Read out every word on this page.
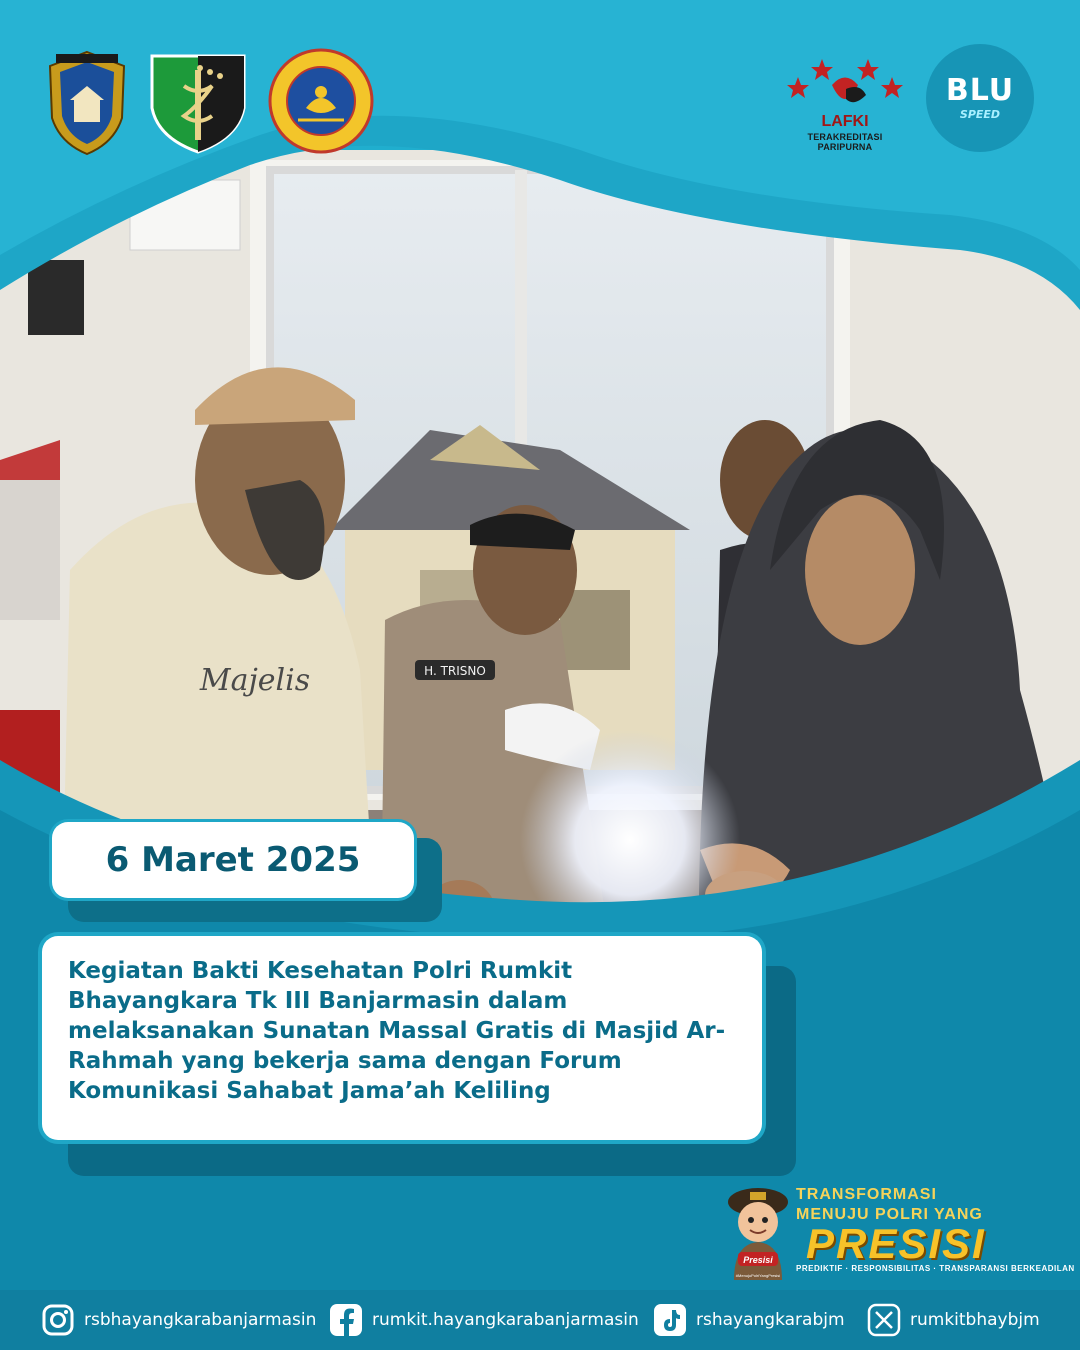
H. TRISNO
Majelis
LAFKI
TERAKREDITASI PARIPURNA
BLU
SPEED
6 Maret 2025

Kegiatan Bakti Kesehatan Polri Rumkit Bhayangkara Tk III Banjarmasin dalam melaksanakan Sunatan Massal Gratis di Masjid Ar-Rahmah yang bekerja sama dengan Forum Komunikasi Sahabat Jama’ah Keliling

Presisi
#MenujuPolriYangPresisi
TRANSFORMASI
MENUJU POLRI YANG
PRESISI
PREDIKTIF · RESPONSIBILITAS · TRANSPARANSI BERKEADILAN
rsbhayangkarabanjarmasin	rumkit.hayangkarabanjarmasin	rshayangkarabjm	rumkitbhaybjm
